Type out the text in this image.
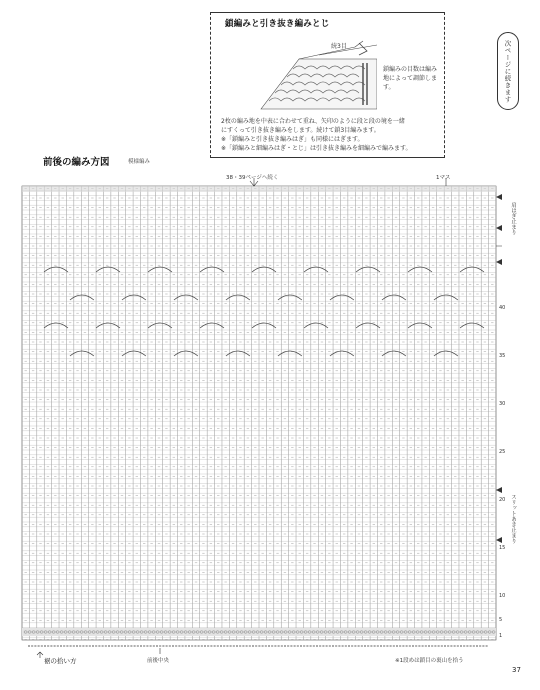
鎖編みと引き抜き編みとじ
続3目
鎖編みの目数は編み地によって調節します。

2枚の編み地を中表に合わせて重ね、矢印のように段と段の境を一緒

にすくって引き抜き編みをします。続けて鎖3目編みます。

※「鎖編みと引き抜き編みはぎ」も同様にはぎます。

※「鎖編みと細編みはぎ・とじ」は引き抜き編みを細編みで編みます。

次ページに続きます
前後の編み方図	模様編み
38・39ページへ続く	1マス
肩はぎ止まり
スリットあき止まり
40
35
30
25
20
15
10
5
1
裾の拾い方	前後中央	※1段めは鎖目の裏山を拾う
37
